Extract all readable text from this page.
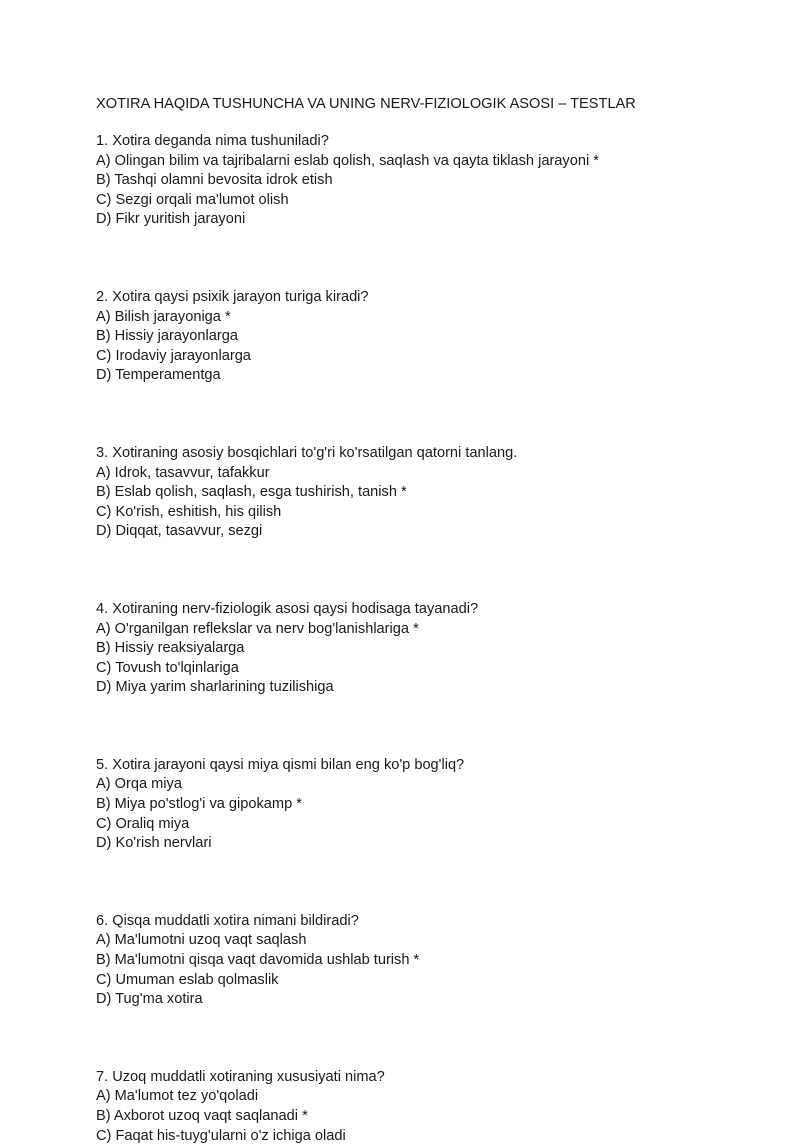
XOTIRA HAQIDA TUSHUNCHA VA UNING NERV-FIZIOLOGIK ASOSI – TESTLAR
1. Xotira deganda nima tushuniladi?
A) Olingan bilim va tajribalarni eslab qolish, saqlash va qayta tiklash jarayoni *
B) Tashqi olamni bevosita idrok etish
C) Sezgi orqali ma'lumot olish
D) Fikr yuritish jarayoni
2. Xotira qaysi psixik jarayon turiga kiradi?
A) Bilish jarayoniga *
B) Hissiy jarayonlarga
C) Irodaviy jarayonlarga
D) Temperamentga
3. Xotiraning asosiy bosqichlari to'g'ri ko'rsatilgan qatorni tanlang.
A) Idrok, tasavvur, tafakkur
B) Eslab qolish, saqlash, esga tushirish, tanish *
C) Ko'rish, eshitish, his qilish
D) Diqqat, tasavvur, sezgi
4. Xotiraning nerv-fiziologik asosi qaysi hodisaga tayanadi?
A) O'rganilgan reflekslar va nerv bog'lanishlariga *
B) Hissiy reaksiyalarga
C) Tovush to'lqinlariga
D) Miya yarim sharlarining tuzilishiga
5. Xotira jarayoni qaysi miya qismi bilan eng ko'p bog'liq?
A) Orqa miya
B) Miya po'stlog'i va gipokamp *
C) Oraliq miya
D) Ko'rish nervlari
6. Qisqa muddatli xotira nimani bildiradi?
A) Ma'lumotni uzoq vaqt saqlash
B) Ma'lumotni qisqa vaqt davomida ushlab turish *
C) Umuman eslab qolmaslik
D) Tug'ma xotira
7. Uzoq muddatli xotiraning xususiyati nima?
A) Ma'lumot tez yo'qoladi
B) Axborot uzoq vaqt saqlanadi *
C) Faqat his-tuyg'ularni o'z ichiga oladi
